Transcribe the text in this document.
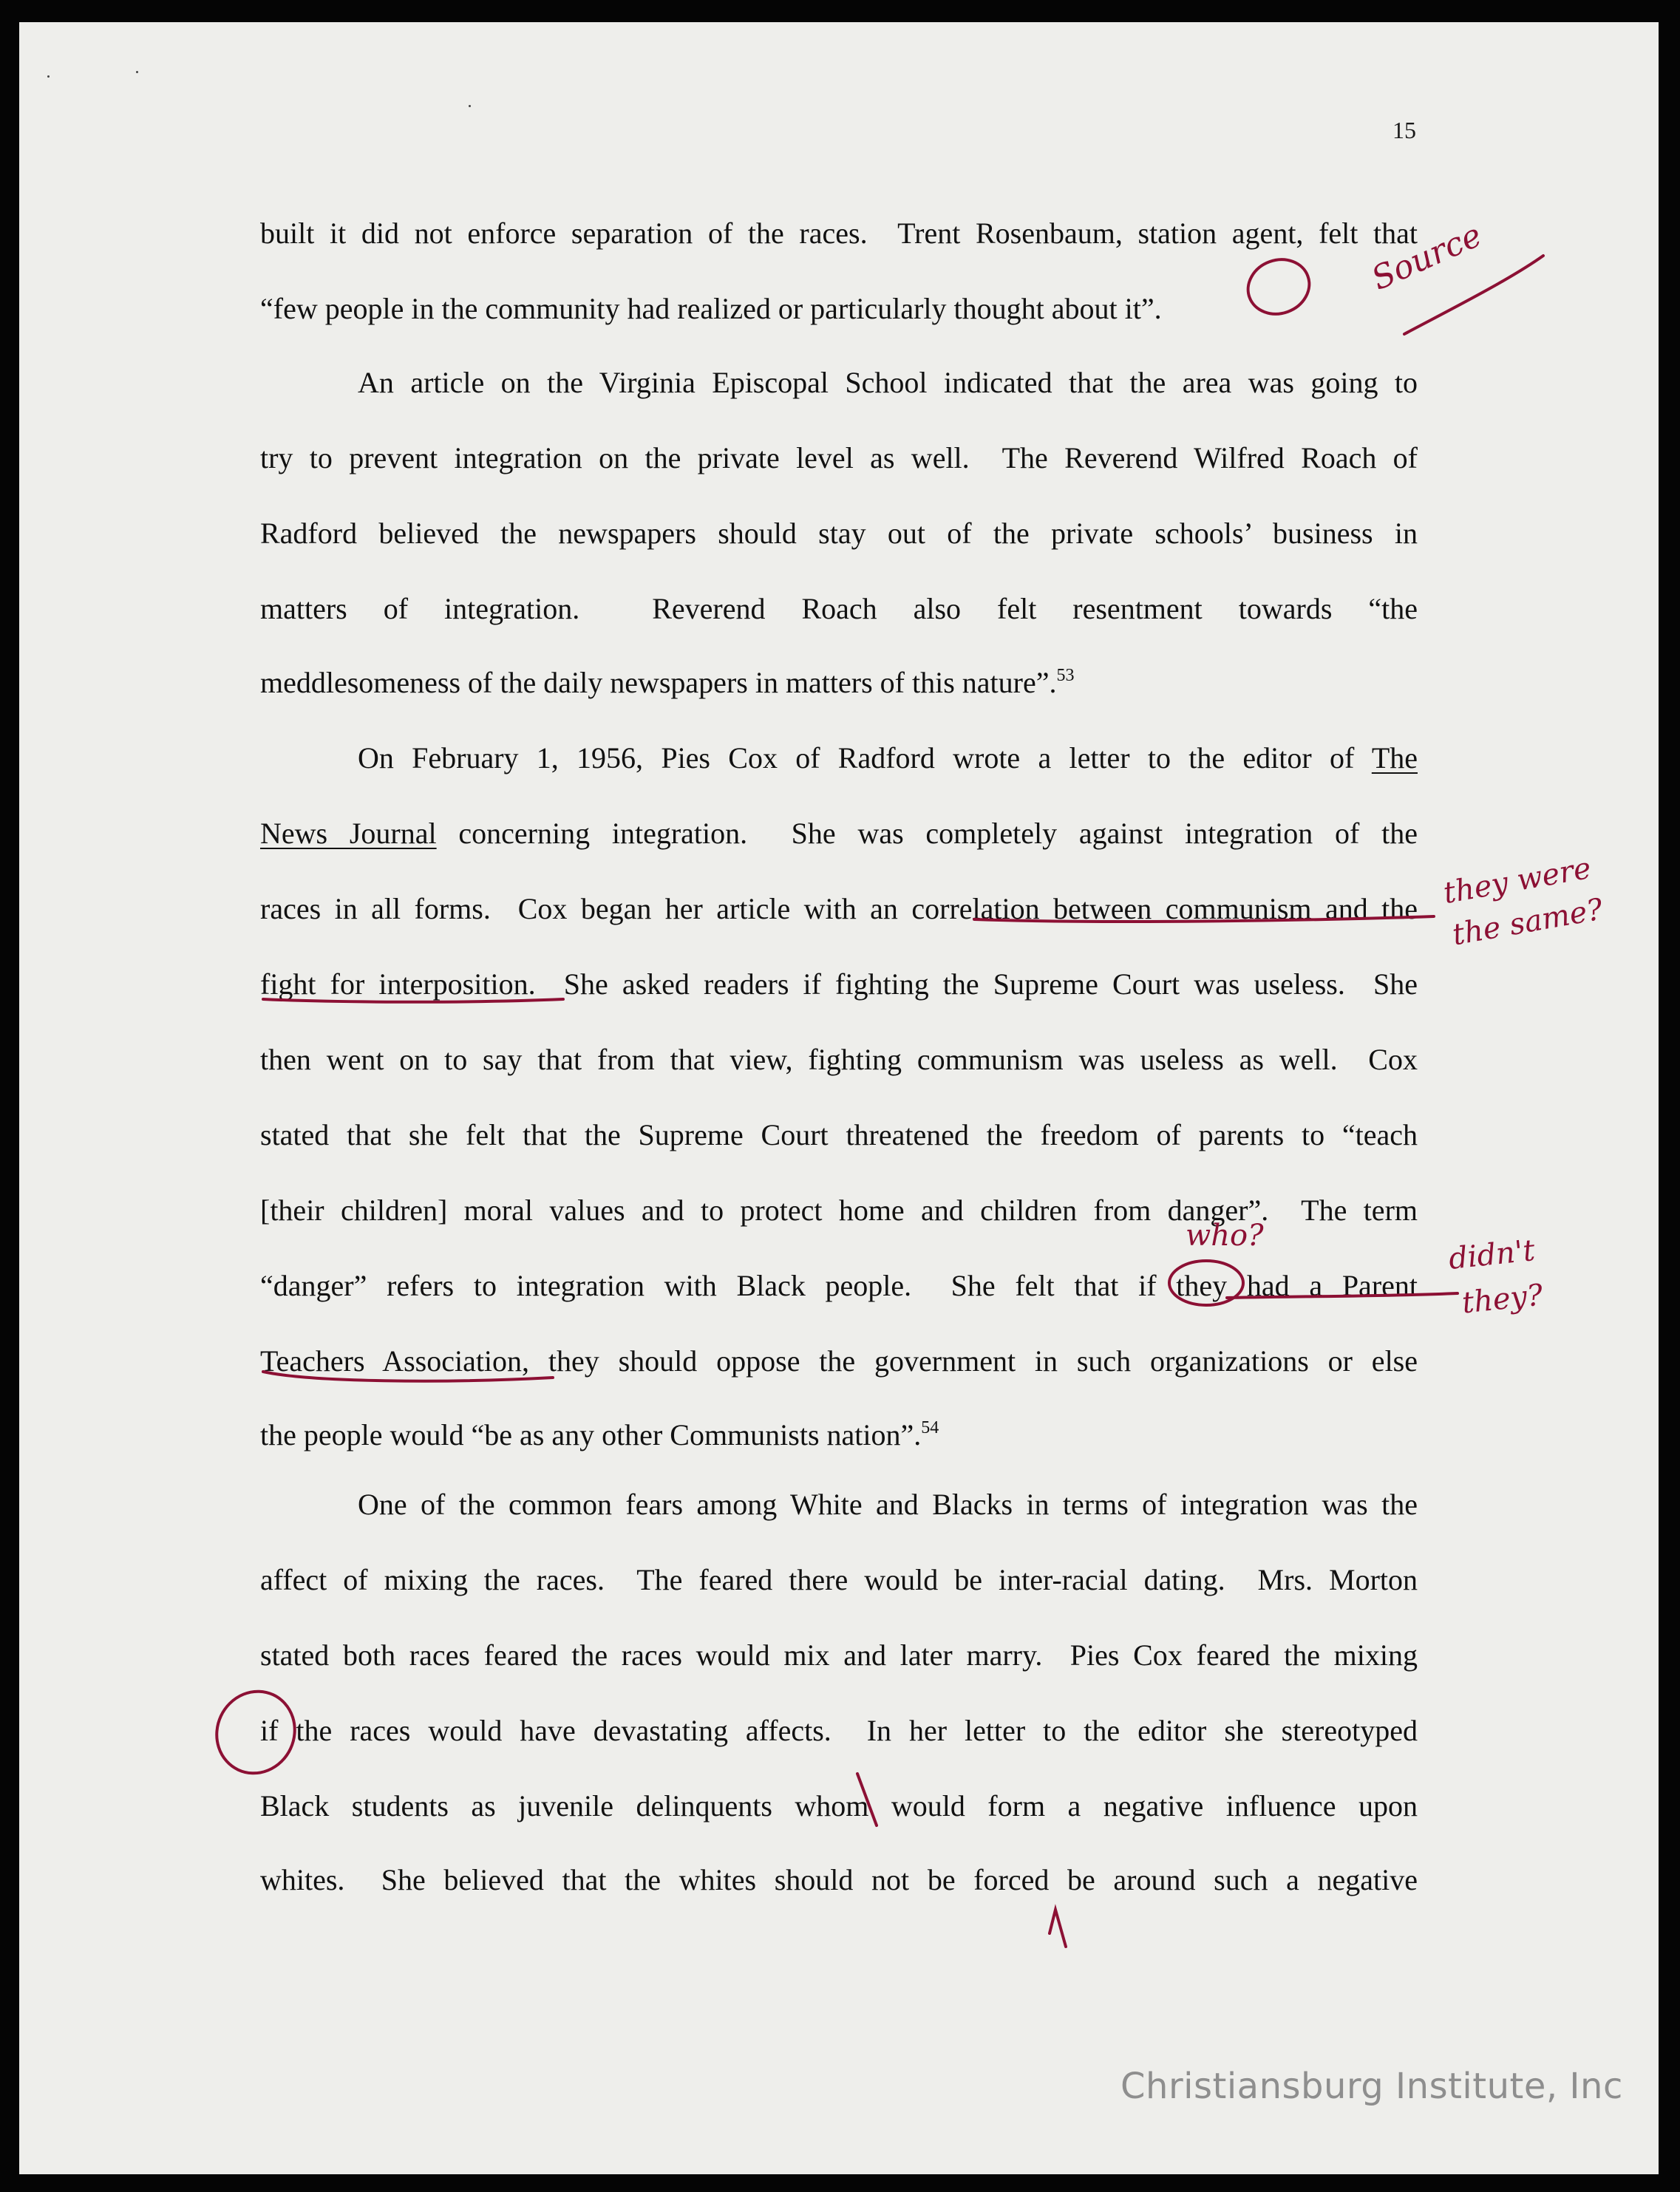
15
built it did not enforce separation of the races.  Trent Rosenbaum, station agent, felt that
“few people in the community had realized or particularly thought about it”.
An article on the Virginia Episcopal School indicated that the area was going to
try to prevent integration on the private level as well.  The Reverend Wilfred Roach of
Radford believed the newspapers should stay out of the private schools’ business in
matters of integration.  Reverend Roach also felt resentment towards “the
meddlesomeness of the daily newspapers in matters of this nature”.$^{53}$
On February 1, 1956, Pies Cox of Radford wrote a letter to the editor of The
News Journal concerning integration.  She was completely against integration of the
races in all forms.  Cox began her article with an correlation between communism and the
fight for interposition.  She asked readers if fighting the Supreme Court was useless.  She
then went on to say that from that view, fighting communism was useless as well.  Cox
stated that she felt that the Supreme Court threatened the freedom of parents to “teach
[their children] moral values and to protect home and children from danger”.  The term
“danger” refers to integration with Black people.  She felt that if they had a Parent
Teachers Association, they should oppose the government in such organizations or else
the people would “be as any other Communists nation”.$^{54}$
One of the common fears among White and Blacks in terms of integration was the
affect of mixing the races.  The feared there would be inter-racial dating.  Mrs. Morton
stated both races feared the races would mix and later marry.  Pies Cox feared the mixing
if the races would have devastating affects.  In her letter to the editor she stereotyped
Black students as juvenile delinquents whom would form a negative influence upon
whites.  She believed that the whites should not be forced be around such a negative
Source
they were
the same?
who?	didn't
they?
Christiansburg Institute, Inc
